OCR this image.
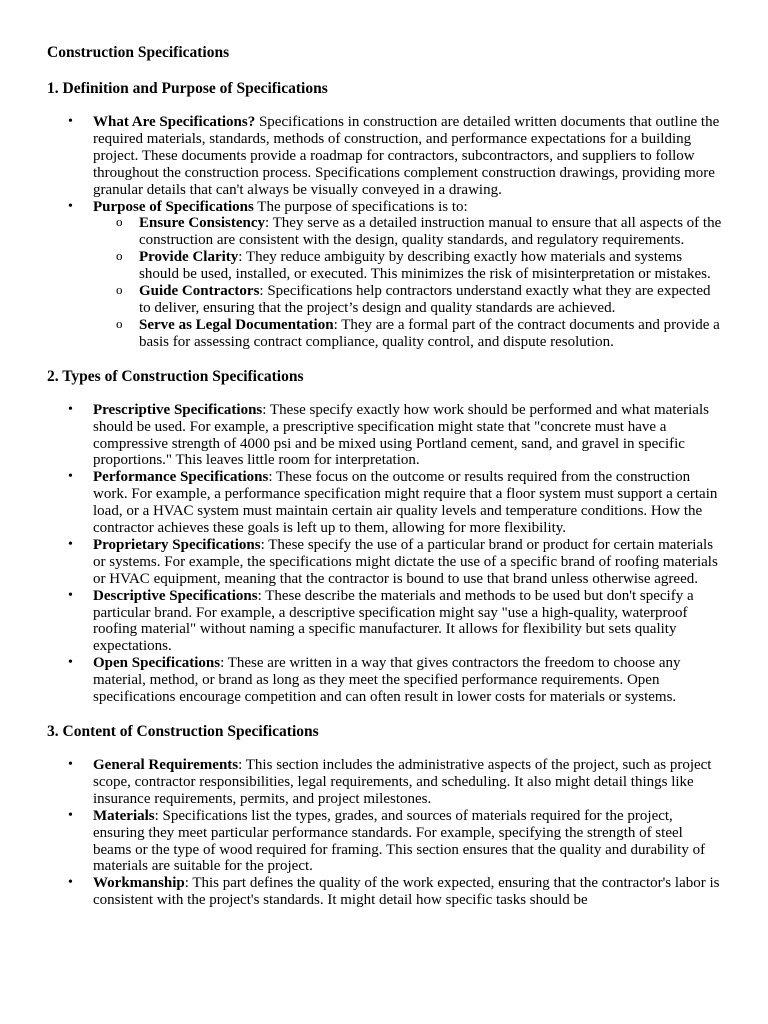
Construction Specifications
1. Definition and Purpose of Specifications
• What Are Specifications? Specifications in construction are detailed written documents that outline the required materials, standards, methods of construction, and performance expectations for a building project. These documents provide a roadmap for contractors, subcontractors, and suppliers to follow throughout the construction process. Specifications complement construction drawings, providing more granular details that can't always be visually conveyed in a drawing.
• Purpose of Specifications The purpose of specifications is to:
o Ensure Consistency: They serve as a detailed instruction manual to ensure that all aspects of the construction are consistent with the design, quality standards, and regulatory requirements.
o Provide Clarity: They reduce ambiguity by describing exactly how materials and systems should be used, installed, or executed. This minimizes the risk of misinterpretation or mistakes.
o Guide Contractors: Specifications help contractors understand exactly what they are expected to deliver, ensuring that the project’s design and quality standards are achieved.
o Serve as Legal Documentation: They are a formal part of the contract documents and provide a basis for assessing contract compliance, quality control, and dispute resolution.
2. Types of Construction Specifications
• Prescriptive Specifications: These specify exactly how work should be performed and what materials should be used. For example, a prescriptive specification might state that "concrete must have a compressive strength of 4000 psi and be mixed using Portland cement, sand, and gravel in specific proportions." This leaves little room for interpretation.
• Performance Specifications: These focus on the outcome or results required from the construction work. For example, a performance specification might require that a floor system must support a certain load, or a HVAC system must maintain certain air quality levels and temperature conditions. How the contractor achieves these goals is left up to them, allowing for more flexibility.
• Proprietary Specifications: These specify the use of a particular brand or product for certain materials or systems. For example, the specifications might dictate the use of a specific brand of roofing materials or HVAC equipment, meaning that the contractor is bound to use that brand unless otherwise agreed.
• Descriptive Specifications: These describe the materials and methods to be used but don't specify a particular brand. For example, a descriptive specification might say "use a high-quality, waterproof roofing material" without naming a specific manufacturer. It allows for flexibility but sets quality expectations.
• Open Specifications: These are written in a way that gives contractors the freedom to choose any material, method, or brand as long as they meet the specified performance requirements. Open specifications encourage competition and can often result in lower costs for materials or systems.
3. Content of Construction Specifications
• General Requirements: This section includes the administrative aspects of the project, such as project scope, contractor responsibilities, legal requirements, and scheduling. It also might detail things like insurance requirements, permits, and project milestones.
• Materials: Specifications list the types, grades, and sources of materials required for the project, ensuring they meet particular performance standards. For example, specifying the strength of steel beams or the type of wood required for framing. This section ensures that the quality and durability of materials are suitable for the project.
• Workmanship: This part defines the quality of the work expected, ensuring that the contractor's labor is consistent with the project's standards. It might detail how specific tasks should be
